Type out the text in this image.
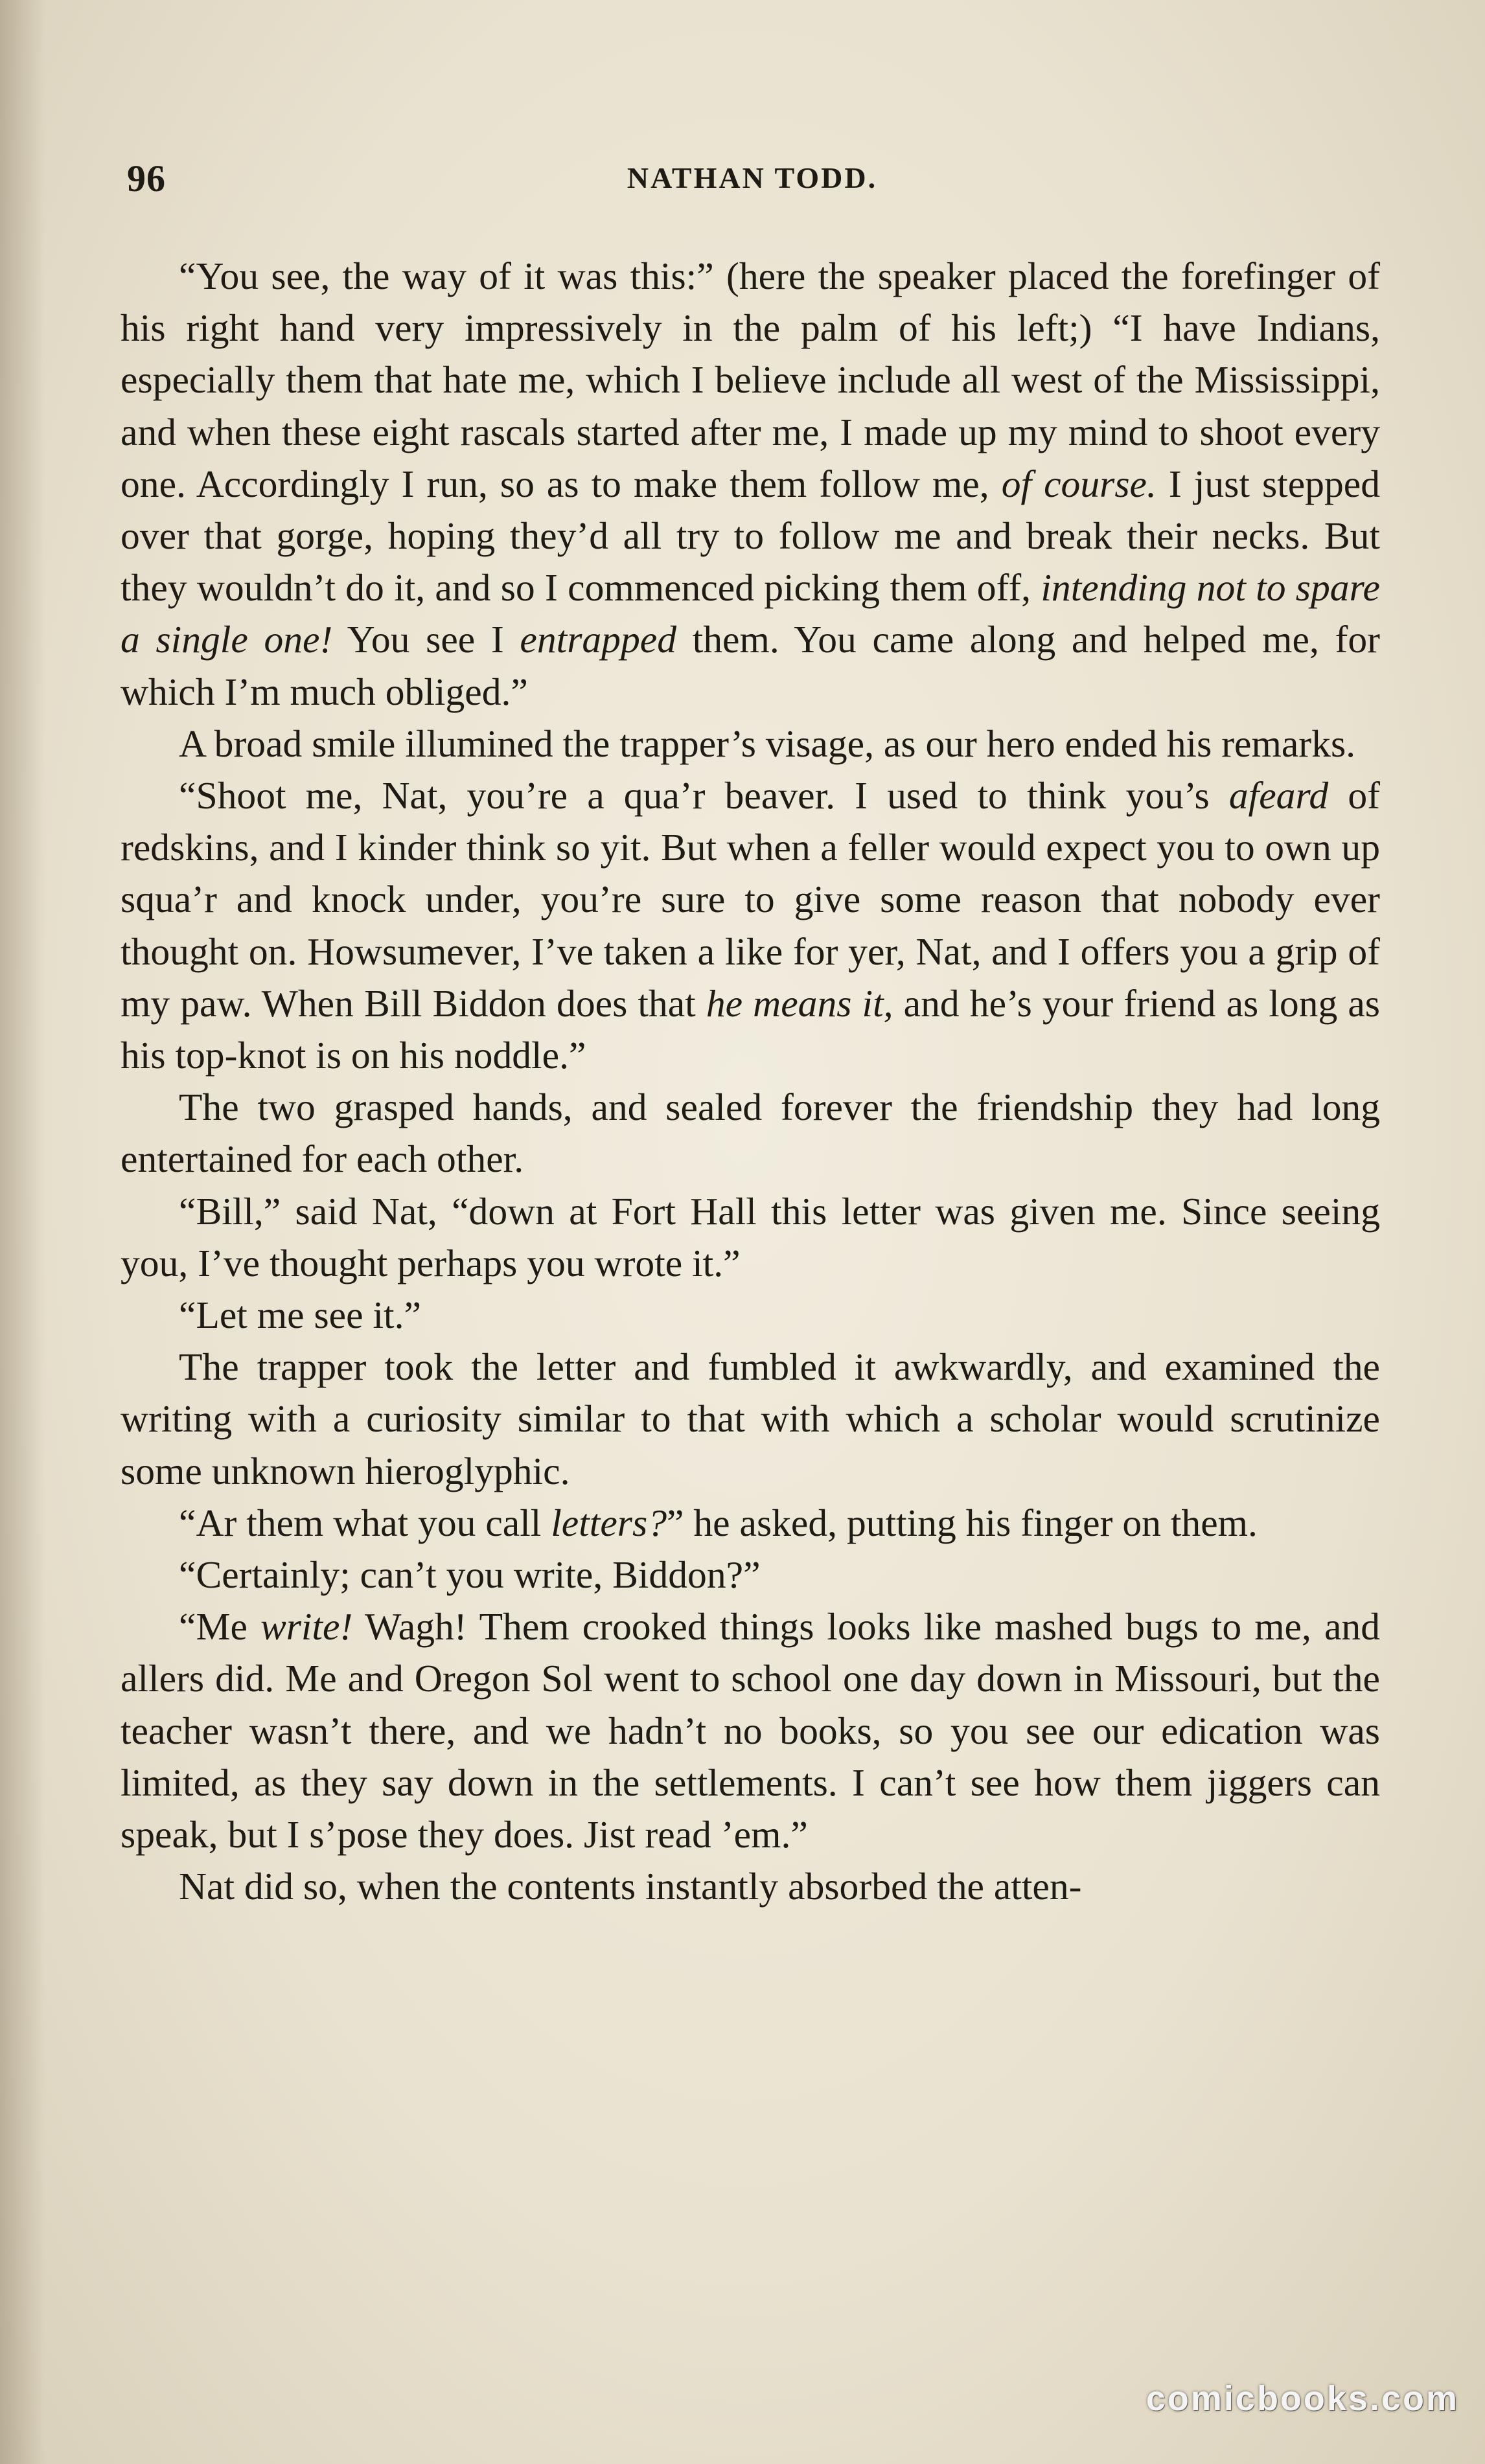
96	NATHAN TODD.

“You see, the way of it was this:” (here the speaker placed the forefinger of his right hand very impressively in the palm of his left;) “I have Indians, especially them that hate me, which I believe include all west of the Mississippi, and when these eight rascals started after me, I made up my mind to shoot every one. Accordingly I run, so as to make them follow me, of course. I just stepped over that gorge, hoping they’d all try to follow me and break their necks. But they wouldn’t do it, and so I commenced picking them off, intending not to spare a single one! You see I entrapped them. You came along and helped me, for which I’m much obliged.”

A broad smile illumined the trapper’s visage, as our hero ended his remarks.

“Shoot me, Nat, you’re a qua’r beaver. I used to think you’s afeard of redskins, and I kinder think so yit. But when a feller would expect you to own up squa’r and knock under, you’re sure to give some reason that nobody ever thought on. Howsumever, I’ve taken a like for yer, Nat, and I offers you a grip of my paw. When Bill Biddon does that he means it, and he’s your friend as long as his top-knot is on his noddle.”

The two grasped hands, and sealed forever the friendship they had long entertained for each other.

“Bill,” said Nat, “down at Fort Hall this letter was given me. Since seeing you, I’ve thought perhaps you wrote it.”

“Let me see it.”

The trapper took the letter and fumbled it awkwardly, and examined the writing with a curiosity similar to that with which a scholar would scrutinize some unknown hieroglyphic.

“Ar them what you call letters?” he asked, putting his finger on them.

“Certainly; can’t you write, Biddon?”

“Me write! Wagh! Them crooked things looks like mashed bugs to me, and allers did. Me and Oregon Sol went to school one day down in Missouri, but the teacher wasn’t there, and we hadn’t no books, so you see our edication was limited, as they say down in the settlements. I can’t see how them jiggers can speak, but I s’pose they does. Jist read ’em.”

Nat did so, when the contents instantly absorbed the atten-

comicbooks.com
